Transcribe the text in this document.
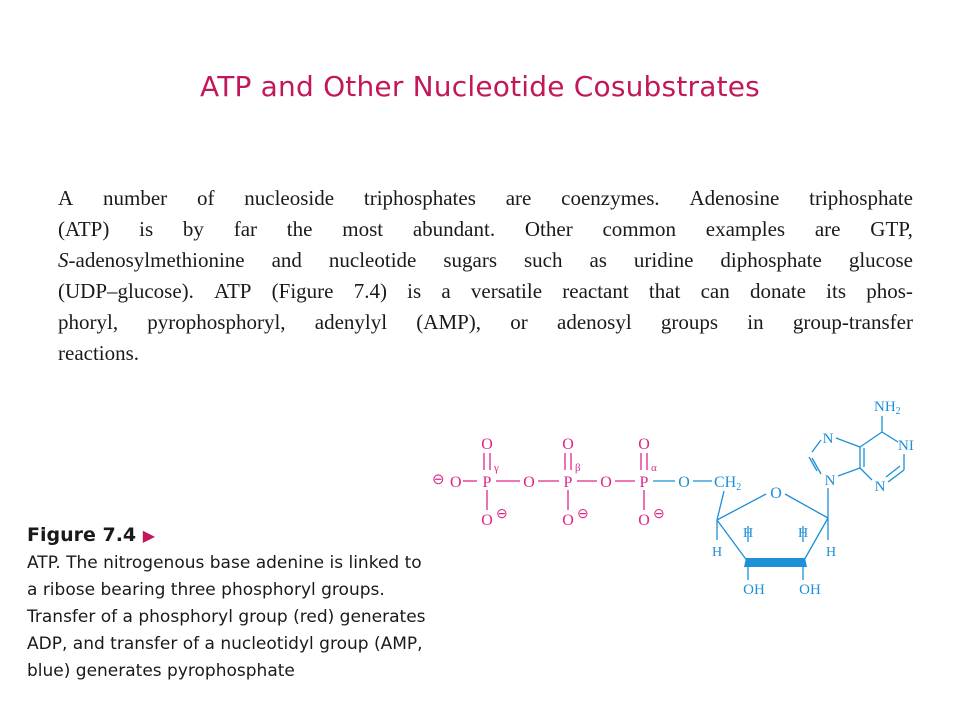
ATP and Other Nucleotide Cosubstrates
A number of nucleoside triphosphates are coenzymes. Adenosine triphosphate
(ATP) is by far the most abundant. Other common examples are GTP,
S-adenosylmethionine and nucleotide sugars such as uridine diphosphate glucose
(UDP–glucose). ATP (Figure 7.4) is a versatile reactant that can donate its phos-
phoryl, pyrophosphoryl, adenylyl (AMP), or adenosyl groups in group-transfer
reactions.
O	O	O
γ	β	α
⊖ O P O P O P
O ⊖	O ⊖	O ⊖
O CH2 O
H
H	H
H
OH OH
N
N
N
NI
$NH_2$
Figure 7.4 ▶
ATP. The nitrogenous base adenine is linked to
a ribose bearing three phosphoryl groups.
Transfer of a phosphoryl group (red) generates
ADP, and transfer of a nucleotidyl group (AMP,
blue) generates pyrophosphate
